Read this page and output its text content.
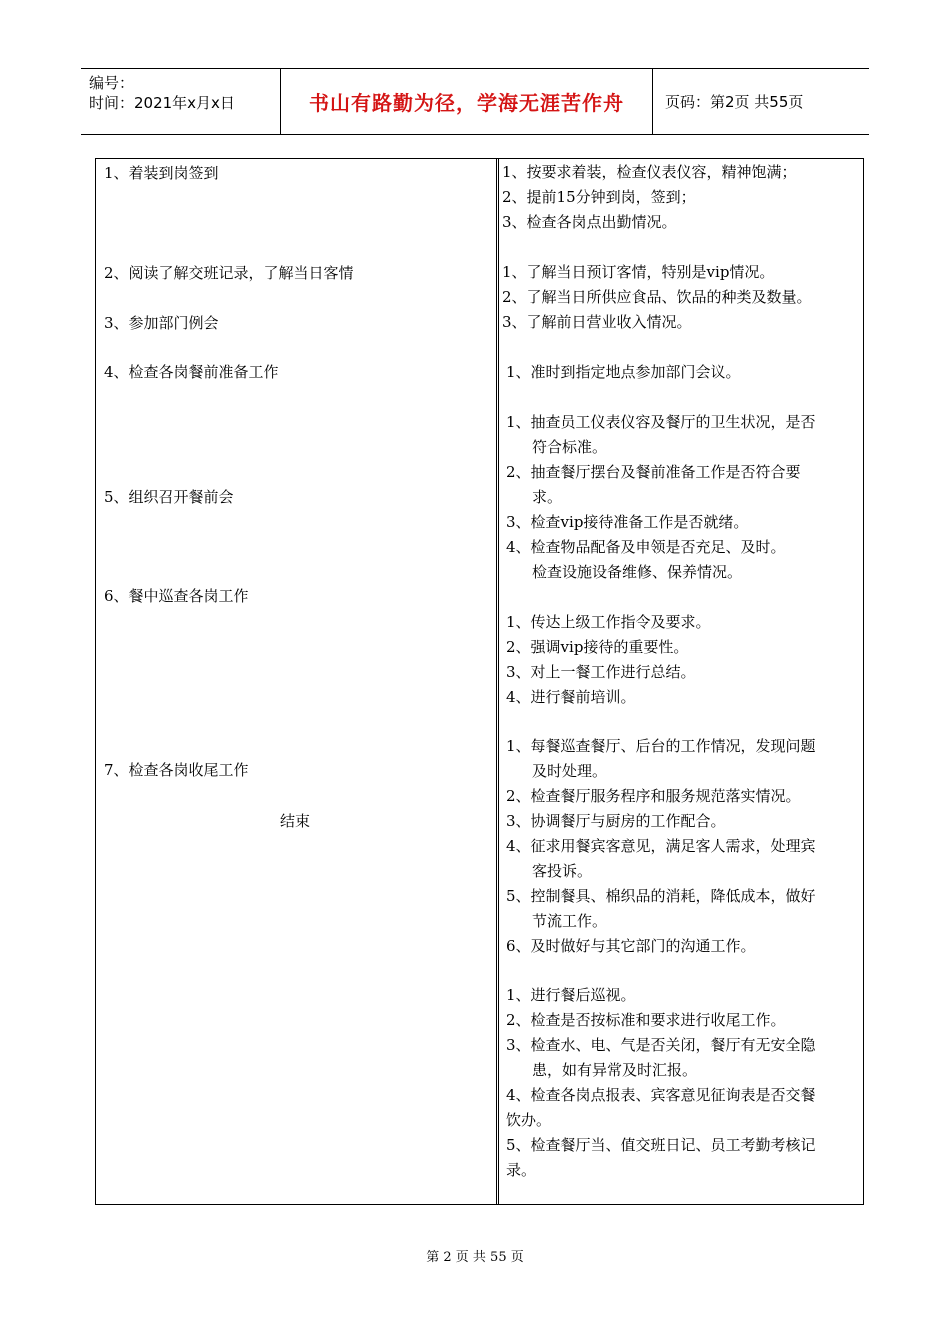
编号：
时间：2021年x月x日	书山有路勤为径，学海无涯苦作舟	页码：第2页 共55页
1、着装到岗签到
2、阅读了解交班记录，了解当日客情
3、参加部门例会
4、检查各岗餐前准备工作
5、组织召开餐前会
6、餐中巡查各岗工作
7、检查各岗收尾工作
结束
1、按要求着装，检查仪表仪容，精神饱满；
2、提前15分钟到岗，签到；
3、检查各岗点出勤情况。
1、了解当日预订客情，特别是vip情况。
2、了解当日所供应食品、饮品的种类及数量。
3、了解前日营业收入情况。
1、准时到指定地点参加部门会议。
1、抽查员工仪表仪容及餐厅的卫生状况，是否
符合标准。
2、抽查餐厅摆台及餐前准备工作是否符合要
求。
3、检查vip接待准备工作是否就绪。
4、检查物品配备及申领是否充足、及时。
检查设施设备维修、保养情况。
1、传达上级工作指令及要求。
2、强调vip接待的重要性。
3、对上一餐工作进行总结。
4、进行餐前培训。
1、每餐巡查餐厅、后台的工作情况，发现问题
及时处理。
2、检查餐厅服务程序和服务规范落实情况。
3、协调餐厅与厨房的工作配合。
4、征求用餐宾客意见，满足客人需求，处理宾
客投诉。
5、控制餐具、棉织品的消耗，降低成本，做好
节流工作。
6、及时做好与其它部门的沟通工作。
1、进行餐后巡视。
2、检查是否按标准和要求进行收尾工作。
3、检查水、电、气是否关闭，餐厅有无安全隐
患，如有异常及时汇报。
4、检查各岗点报表、宾客意见征询表是否交餐
饮办。
5、检查餐厅当、值交班日记、员工考勤考核记
录。
第 2 页 共 55 页
